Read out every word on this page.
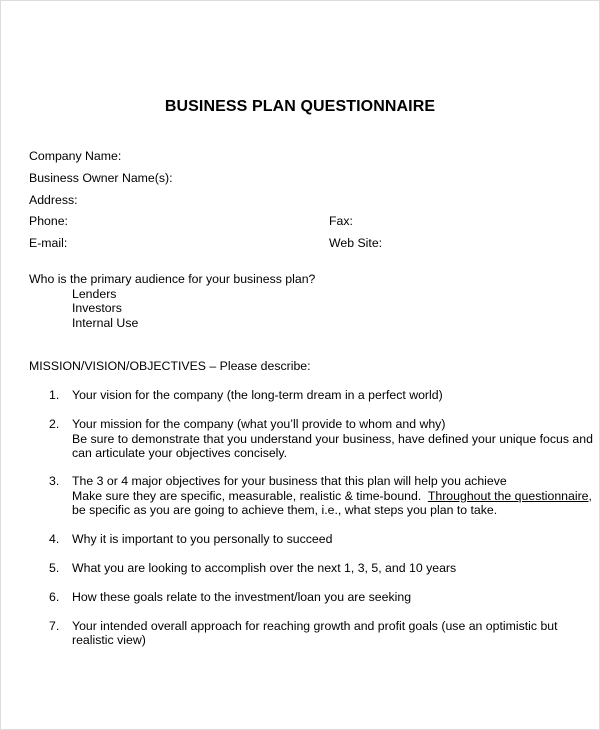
BUSINESS PLAN QUESTIONNAIRE
Company Name:
Business Owner Name(s):
Address:
Phone:	Fax:
E-mail:	Web Site:
Who is the primary audience for your business plan?
Lenders
Investors
Internal Use
MISSION/VISION/OBJECTIVES – Please describe:
1.	Your vision for the company (the long-term dream in a perfect world)
2.	Your mission for the company (what you’ll provide to whom and why)
Be sure to demonstrate that you understand your business, have defined your unique focus and
can articulate your objectives concisely.
3.	The 3 or 4 major objectives for your business that this plan will help you achieve
Make sure they are specific, measurable, realistic & time-bound.  Throughout the questionnaire,
be specific as you are going to achieve them, i.e., what steps you plan to take.
4.	Why it is important to you personally to succeed
5.	What you are looking to accomplish over the next 1, 3, 5, and 10 years
6.	How these goals relate to the investment/loan you are seeking
7.	Your intended overall approach for reaching growth and profit goals (use an optimistic but
realistic view)
